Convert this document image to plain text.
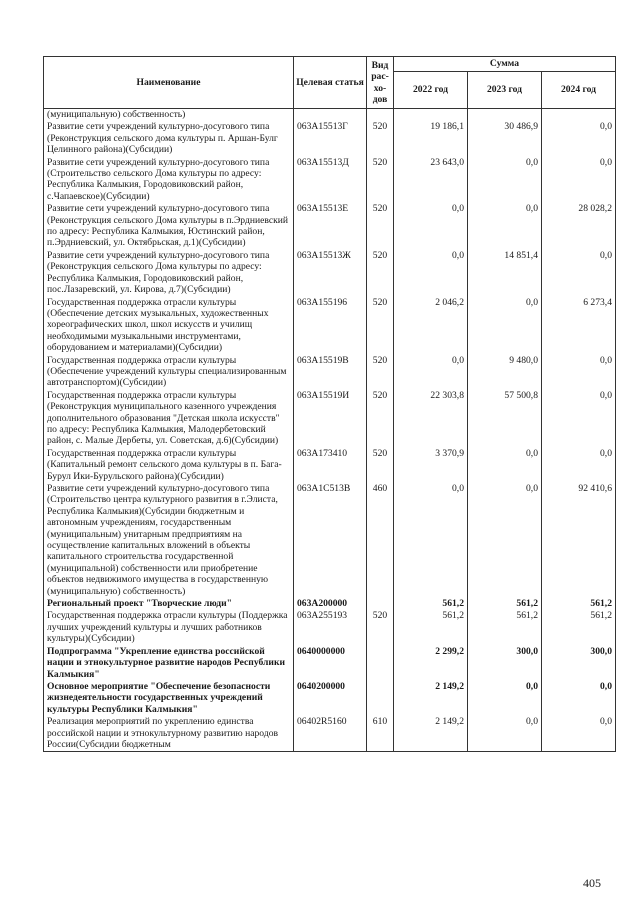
Наименование	Целевая статья	Вид рас-хо-дов	Сумма		
			2022 год	2023 год	2024 год
(муниципальную) собственность)					
Развитие сети учреждений культурно-досугового типа (Реконструкция сельского дома культуры п. Аршан-Булг Целинного района)(Субсидии)	063A15513Г	520	19 186,1	30 486,9	0,0
Развитие сети учреждений культурно-досугового типа (Строительство сельского Дома культуры по адресу: Республика Калмыкия, Городовиковский район, с.Чапаевское)(Субсидии)	063A15513Д	520	23 643,0	0,0	0,0
Развитие сети учреждений культурно-досугового типа (Реконструкция сельского Дома культуры в п.Эрдниевский по адресу: Республика Калмыкия, Юстинский район, п.Эрдниевский, ул. Октябрьская, д.1)(Субсидии)	063A15513Е	520	0,0	0,0	28 028,2
Развитие сети учреждений культурно-досугового типа (Реконструкция сельского Дома культуры по адресу: Республика Калмыкия, Городовиковский район, пос.Лазаревский, ул. Кирова, д.7)(Субсидии)	063A15513Ж	520	0,0	14 851,4	0,0
Государственная поддержка отрасли культуры (Обеспечение детских музыкальных, художественных хореографических школ, школ искусств и училищ необходимыми музыкальными инструментами, оборудованием и материалами)(Субсидии)	063A155196	520	2 046,2	0,0	6 273,4
Государственная поддержка отрасли культуры (Обеспечение учреждений культуры специализированным автотранспортом)(Субсидии)	063A15519В	520	0,0	9 480,0	0,0
Государственная поддержка отрасли культуры (Реконструкция муниципального казенного учреждения дополнительного образования "Детская школа искусств" по адресу: Республика Калмыкия, Малодербетовский район, с. Малые Дербеты, ул. Советская, д.6)(Субсидии)	063A15519И	520	22 303,8	57 500,8	0,0
Государственная поддержка отрасли культуры (Капитальный ремонт сельского дома культуры в п. Бага-Бурул Ики-Бурульского района)(Субсидии)	063A173410	520	3 370,9	0,0	0,0
Развитие сети учреждений культурно-досугового типа (Строительство центра культурного развития в г.Элиста, Республика Калмыкия)(Субсидии бюджетным и автономным учреждениям, государственным (муниципальным) унитарным предприятиям на осуществление капитальных вложений в объекты капитального строительства государственной (муниципальной) собственности или приобретение объектов недвижимого имущества в государственную (муниципальную) собственность)	063A1C513В	460	0,0	0,0	92 410,6
Региональный проект "Творческие люди"	063A200000		561,2	561,2	561,2
Государственная поддержка отрасли культуры (Поддержка лучших учреждений культуры и лучших работников культуры)(Субсидии)	063A255193	520	561,2	561,2	561,2
Подпрограмма "Укрепление единства российской нации и этнокультурное развитие народов Республики Калмыкия"	0640000000		2 299,2	300,0	300,0
Основное мероприятие "Обеспечение безопасности жизнедеятельности государственных учреждений культуры Республики Калмыкия"	0640200000		2 149,2	0,0	0,0
Реализация мероприятий по укреплению единства российской нации и этнокультурному развитию народов России(Субсидии бюджетным	06402R5160	610	2 149,2	0,0	0,0
405
